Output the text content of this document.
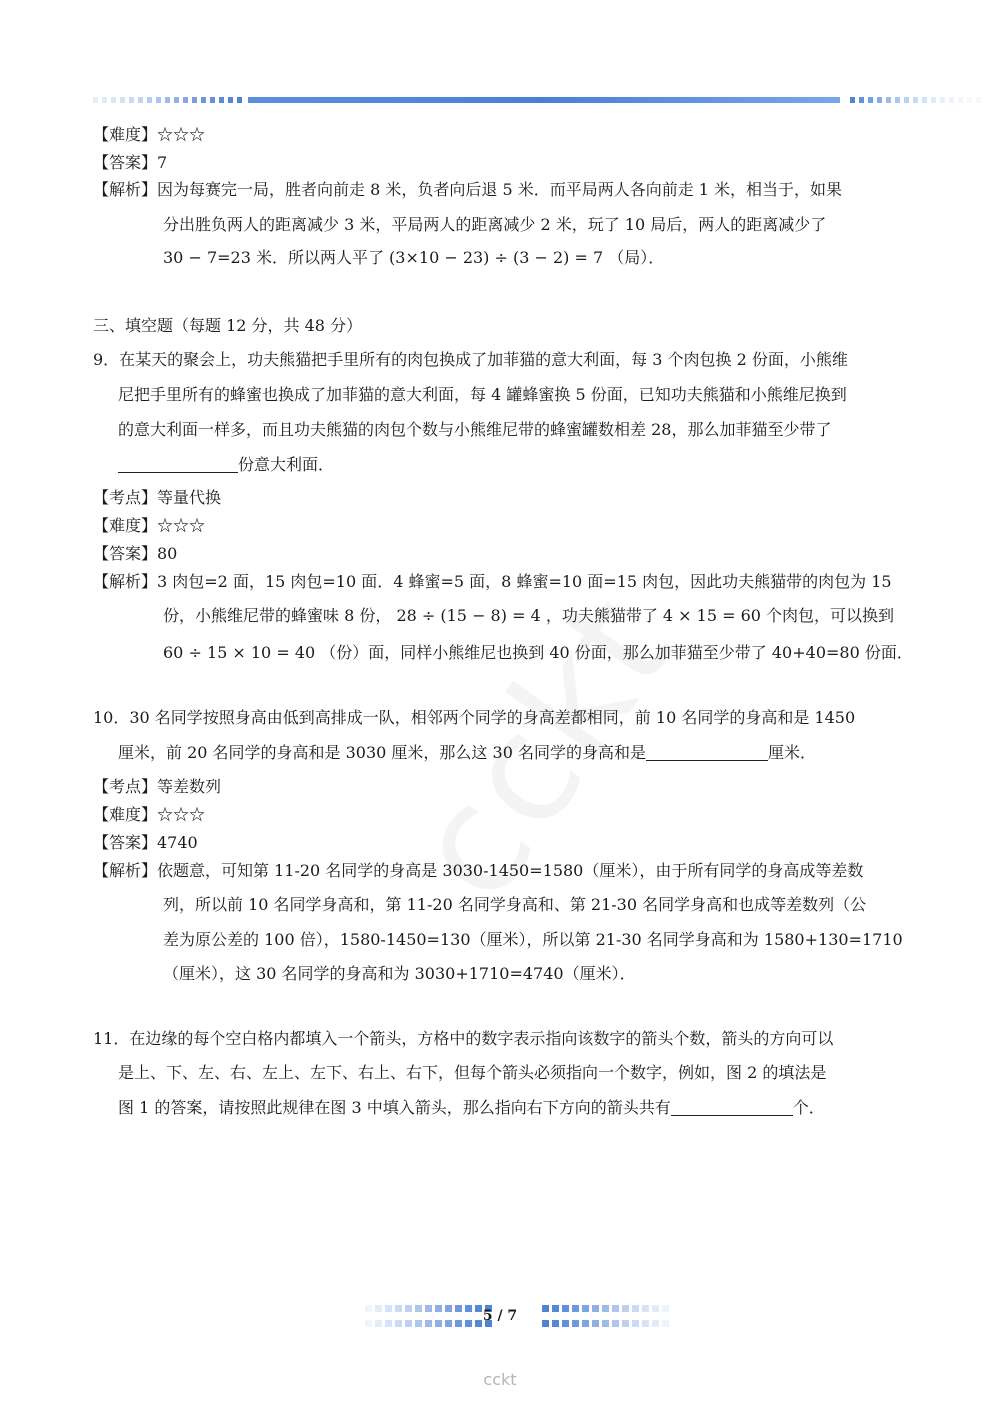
【难度】☆☆☆
【答案】7
【解析】因为每赛完一局，胜者向前走 8 米，负者向后退 5 米．而平局两人各向前走 1 米，相当于，如果
分出胜负两人的距离减少 3 米，平局两人的距离减少 2 米，玩了 10 局后，两人的距离减少了
30 − 7=23 米．所以两人平了 (3×10 − 23) ÷ (3 − 2) = 7 （局）．
三、填空题（每题 12 分，共 48 分）
9．在某天的聚会上，功夫熊猫把手里所有的肉包换成了加菲猫的意大利面，每 3 个肉包换 2 份面，小熊维
尼把手里所有的蜂蜜也换成了加菲猫的意大利面，每 4 罐蜂蜜换 5 份面，已知功夫熊猫和小熊维尼换到
的意大利面一样多，而且功夫熊猫的肉包个数与小熊维尼带的蜂蜜罐数相差 28，那么加菲猫至少带了
份意大利面．
【考点】等量代换
【难度】☆☆☆
【答案】80
【解析】3 肉包=2 面，15 肉包=10 面．4 蜂蜜=5 面，8 蜂蜜=10 面=15 肉包，因此功夫熊猫带的肉包为 15
份，小熊维尼带的蜂蜜味 8 份， 28 ÷ (15 − 8) = 4 ，功夫熊猫带了 4 × 15 = 60 个肉包，可以换到
60 ÷ 15 × 10 = 40 （份）面，同样小熊维尼也换到 40 份面，那么加菲猫至少带了 40+40=80 份面．
10．30 名同学按照身高由低到高排成一队，相邻两个同学的身高差都相同，前 10 名同学的身高和是 1450
厘米，前 20 名同学的身高和是 3030 厘米，那么这 30 名同学的身高和是	厘米．
【考点】等差数列
【难度】☆☆☆
【答案】4740
【解析】依题意，可知第 11-20 名同学的身高是 3030-1450=1580（厘米），由于所有同学的身高成等差数
列，所以前 10 名同学身高和，第 11-20 名同学身高和、第 21-30 名同学身高和也成等差数列（公
差为原公差的 100 倍），1580-1450=130（厘米），所以第 21-30 名同学身高和为 1580+130=1710
（厘米），这 30 名同学的身高和为 3030+1710=4740（厘米）．
11．在边缘的每个空白格内都填入一个箭头，方格中的数字表示指向该数字的箭头个数，箭头的方向可以
是上、下、左、右、左上、左下、右上、右下，但每个箭头必须指向一个数字，例如，图 2 的填法是
图 1 的答案，请按照此规律在图 3 中填入箭头，那么指向右下方向的箭头共有	个．
5 / 7
cckt
